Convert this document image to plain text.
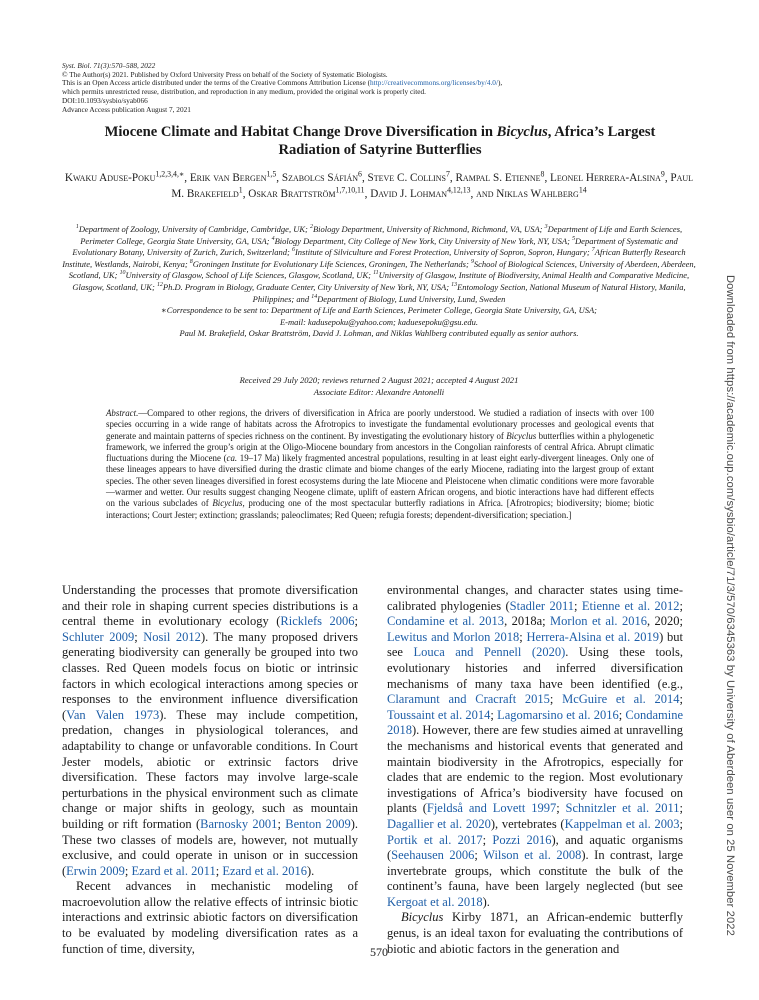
Syst. Biol. 71(3):570–588, 2022
© The Author(s) 2021. Published by Oxford University Press on behalf of the Society of Systematic Biologists.
This is an Open Access article distributed under the terms of the Creative Commons Attribution License (http://creativecommons.org/licenses/by/4.0/),
which permits unrestricted reuse, distribution, and reproduction in any medium, provided the original work is properly cited.
DOI:10.1093/sysbio/syab066
Advance Access publication August 7, 2021
Miocene Climate and Habitat Change Drove Diversification in Bicyclus, Africa’s Largest
Radiation of Satyrine Butterflies
Kwaku Aduse-Poku$^{1,2,3,4,∗}$, Erik van Bergen$^{1,5}$, Szabolcs Sáfián$^6$, Steve C. Collins$^7$, Rampal S. Etienne$^8$, Leonel Herrera-Alsina$^9$, Paul M. Brakefield$^1$, Oskar Brattström$^{1,7,10,11}$, David J. Lohman$^{4,12,13}$, and Niklas Wahlberg$^{14}$
$^1$Department of Zoology, University of Cambridge, Cambridge, UK; $^2$Biology Department, University of Richmond, Richmond, VA, USA; $^3$Department of Life and Earth Sciences, Perimeter College, Georgia State University, GA, USA; $^4$Biology Department, City College of New York, City University of New York, NY, USA; $^5$Department of Systematic and Evolutionary Botany, University of Zurich, Zurich, Switzerland; $^6$Institute of Silviculture and Forest Protection, University of Sopron, Sopron, Hungary; $^7$African Butterfly Research Institute, Westlands, Nairobi, Kenya; $^8$Groningen Institute for Evolutionary Life Sciences, Groningen, The Netherlands; $^9$School of Biological Sciences, University of Aberdeen, Aberdeen, Scotland, UK; $^{10}$University of Glasgow, School of Life Sciences, Glasgow, Scotland, UK; $^{11}$University of Glasgow, Institute of Biodiversity, Animal Health and Comparative Medicine, Glasgow, Scotland, UK; $^{12}$Ph.D. Program in Biology, Graduate Center, City University of New York, NY, USA; $^{13}$Entomology Section, National Museum of Natural History, Manila, Philippines; and $^{14}$Department of Biology, Lund University, Lund, Sweden
∗Correspondence to be sent to: Department of Life and Earth Sciences, Perimeter College, Georgia State University, GA, USA;
E-mail: kadusepoku@yahoo.com; kaduesepoku@gsu.edu.
Paul M. Brakefield, Oskar Brattström, David J. Lohman, and Niklas Wahlberg contributed equally as senior authors.
Received 29 July 2020; reviews returned 2 August 2021; accepted 4 August 2021
Associate Editor: Alexandre Antonelli
Abstract.—Compared to other regions, the drivers of diversification in Africa are poorly understood. We studied a radiation of insects with over 100 species occurring in a wide range of habitats across the Afrotropics to investigate the fundamental evolutionary processes and geological events that generate and maintain patterns of species richness on the continent. By investigating the evolutionary history of Bicyclus butterflies within a phylogenetic framework, we inferred the group’s origin at the Oligo-Miocene boundary from ancestors in the Congolian rainforests of central Africa. Abrupt climatic fluctuations during the Miocene (ca. 19–17 Ma) likely fragmented ancestral populations, resulting in at least eight early-divergent lineages. Only one of these lineages appears to have diversified during the drastic climate and biome changes of the early Miocene, radiating into the largest group of extant species. The other seven lineages diversified in forest ecosystems during the late Miocene and Pleistocene when climatic conditions were more favorable—warmer and wetter. Our results suggest changing Neogene climate, uplift of eastern African orogens, and biotic interactions have had different effects on the various subclades of Bicyclus, producing one of the most spectacular butterfly radiations in Africa. [Afrotropics; biodiversity; biome; biotic interactions; Court Jester; extinction; grasslands; paleoclimates; Red Queen; refugia forests; dependent-diversification; speciation.]

Understanding the processes that promote diversification and their role in shaping current species distributions is a central theme in evolutionary ecology (Ricklefs 2006; Schluter 2009; Nosil 2012). The many proposed drivers generating biodiversity can generally be grouped into two classes. Red Queen models focus on biotic or intrinsic factors in which ecological interactions among species or responses to the environment influence diversification (Van Valen 1973). These may include competition, predation, changes in physiological tolerances, and adaptability to change or unfavorable conditions. In Court Jester models, abiotic or extrinsic factors drive diversification. These factors may involve large-scale perturbations in the physical environment such as climate change or major shifts in geology, such as mountain building or rift formation (Barnosky 2001; Benton 2009). These two classes of models are, however, not mutually exclusive, and could operate in unison or in succession (Erwin 2009; Ezard et al. 2011; Ezard et al. 2016).

Recent advances in mechanistic modeling of macroevolution allow the relative effects of intrinsic biotic interactions and extrinsic abiotic factors on diversification to be evaluated by modeling diversification rates as a function of time, diversity,

environmental changes, and character states using time-calibrated phylogenies (Stadler 2011; Etienne et al. 2012; Condamine et al. 2013, 2018a; Morlon et al. 2016, 2020; Lewitus and Morlon 2018; Herrera-Alsina et al. 2019) but see Louca and Pennell (2020). Using these tools, evolutionary histories and inferred diversification mechanisms of many taxa have been identified (e.g., Claramunt and Cracraft 2015; McGuire et al. 2014; Toussaint et al. 2014; Lagomarsino et al. 2016; Condamine 2018). However, there are few studies aimed at unravelling the mechanisms and historical events that generated and maintain biodiversity in the Afrotropics, especially for clades that are endemic to the region. Most evolutionary investigations of Africa’s biodiversity have focused on plants (Fjeldså and Lovett 1997; Schnitzler et al. 2011; Dagallier et al. 2020), vertebrates (Kappelman et al. 2003; Portik et al. 2017; Pozzi 2016), and aquatic organisms (Seehausen 2006; Wilson et al. 2008). In contrast, large invertebrate groups, which constitute the bulk of the continent’s fauna, have been largely neglected (but see Kergoat et al. 2018).

Bicyclus Kirby 1871, an African-endemic butterfly genus, is an ideal taxon for evaluating the contributions of biotic and abiotic factors in the generation and

570
Downloaded from https://academic.oup.com/sysbio/article/71/3/570/6345363 by University of Aberdeen user on 25 November 2022
